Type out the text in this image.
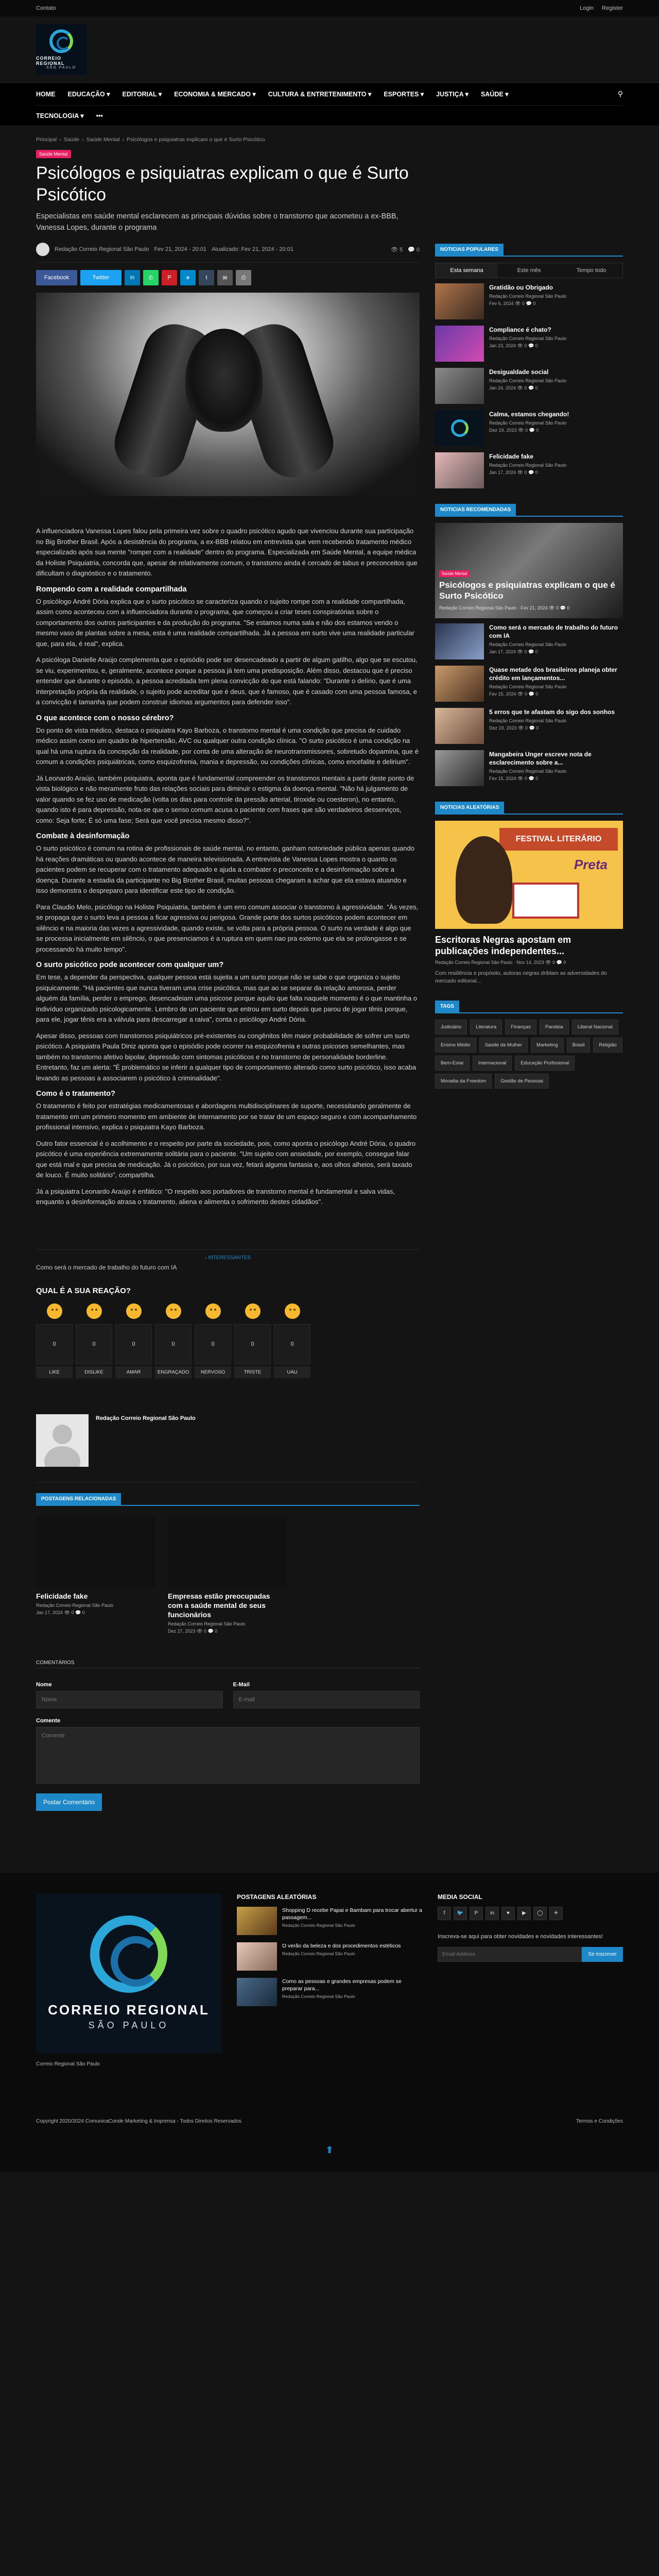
Contato	Login Register
CORREIO REGIONAL
SÃO PAULO
HOME	EDUCAÇÃO ▾	EDITORIAL ▾	ECONOMIA & MERCADO ▾	CULTURA & ENTRETENIMENTO ▾	ESPORTES ▾	JUSTIÇA ▾	SAÚDE ▾	⚲
TECNOLOGIA ▾	•••
Principal › Saúde › Saúde Mental › Psicólogos e psiquiatras explicam o que é Surto Psicótico
Saúde Mental
Psicólogos e psiquiatras explicam o que é Surto Psicótico
Especialistas em saúde mental esclarecem as principais dúvidas sobre o transtorno que acometeu a ex-BBB, Vanessa Lopes, durante o programa
Redação Correio Regional São Paulo Fev 21, 2024 - 20:01 Atualizado: Fev 21, 2024 - 20:01	👁 5 💬 0
Facebook	Twitter	in	✆	P	✈	t	✉	⎙

A influenciadora Vanessa Lopes falou pela primeira vez sobre o quadro psicótico agudo que vivenciou durante sua participação no Big Brother Brasil. Após a desistência do programa, a ex-BBB relatou em entrevista que vem recebendo tratamento médico especializado após sua mente "romper com a realidade" dentro do programa. Especializada em Saúde Mental, a equipe médica da Holiste Psiquiatria, concorda que, apesar de relativamente comum, o transtorno ainda é cercado de tabus e preconceitos que dificultam o diagnóstico e o tratamento.

Rompendo com a realidade compartilhada

O psicólogo André Dória explica que o surto psicótico se caracteriza quando o sujeito rompe com a realidade compartilhada, assim como aconteceu com a influenciadora durante o programa, que começou a criar teses conspiratórias sobre o comportamento dos outros participantes e da produção do programa. "Se estamos numa sala e não dos estamos vendo o mesmo vaso de plantas sobre a mesa, esta é uma realidade compartilhada. Já a pessoa em surto vive uma realidade particular que, para ela, é real", explica.

A psicóloga Danielle Araújo complementa que o episódio pode ser desencadeado a partir de algum gatilho, algo que se escutou, se viu, experimentou, e, geralmente, acontece porque a pessoa já tem uma predisposição. Além disso, destacou que é preciso entender que durante o episódio, a pessoa acreditada tem plena convicção do que está falando: "Durante o delírio, que é uma interpretação própria da realidade, o sujeito pode acreditar que é deus, que é famoso, que é casado com uma pessoa famosa, e a convicção é tamanha que podem construir idiomas argumentos para defender isso".

O que acontece com o nosso cérebro?

Do ponto de vista médico, destaca o psiquiatra Kayo Barboza, o transtorno mental é uma condição que precisa de cuidado médico assim como um quadro de hipertensão, AVC ou qualquer outra condição clínica. "O surto psicótico é uma condição na qual há uma ruptura da concepção da realidade, por conta de uma alteração de neurotransmissores, sobretudo dopamina, que é comum a condições psiquiátricas, como esquizofrenia, mania e depressão, ou condições clínicas, como encefalite e delirium".

Já Leonardo Araújo, também psiquiatra, aponta que é fundamental compreender os transtornos mentais a partir deste ponto de vista biológico e não meramente fruto das relações sociais para diminuir o estigma da doença mental. "Não há julgamento de valor quando se fez uso de medicação (volta os dias para controle da pressão arterial, tiroxide ou coesteron), no entanto, quando isto é para depressão, nota-se que o senso comum acusa o paciente com frases que são verdadeiros desserviços, como: Seja forte; É só uma fase; Será que você precisa mesmo disso?".

Combate à desinformação

O surto psicótico é comum na rotina de profissionais de saúde mental, no entanto, ganham notoriedade pública apenas quando há reações dramáticas ou quando acontece de maneira televisionada. A entrevista de Vanessa Lopes mostra o quanto os pacientes podem se recuperar com o tratamento adequado e ajuda a combater o preconceito e a desinformação sobre a doença. Durante a estadia da participante no Big Brother Brasil, muitas pessoas chegaram a achar que ela estava atuando e isso demonstra o despreparo para identificar este tipo de condição.

Para Claudio Melo, psicólogo na Holiste Psiquiatria, também é um erro comum associar o transtorno à agressividade. "Às vezes, se propaga que o surto leva a pessoa a ficar agressiva ou perigosa. Grande parte dos surtos psicóticos podem acontecer em silêncio e na maioria das vezes a agressividade, quando existe, se volta para a própria pessoa. O surto na verdade é algo que se processa inicialmente em silêncio, o que presenciamos é a ruptura em quem nao pra extemo que ela se prolongasse e se processando há muito tempo".

O surto psicótico pode acontecer com qualquer um?

Em tese, a depender da perspectiva, qualquer pessoa está sujeita a um surto porque não se sabe o que organiza o sujeito psiquicamente. "Há pacientes que nunca tiveram uma crise psicótica, mas que ao se separar da relação amorosa, perder alguém da família, perder o emprego, desencadeiam uma psicose porque aquilo que falta naquele momento é o que mantinha o indivíduo organizado psicologicamente. Lembro de um paciente que entrou em surto depois que parou de jogar tênis porque, para ele, jogar tênis era a válvula para descarregar a raiva", conta o psicólogo André Dória.

Apesar disso, pessoas com transtornos psiquiátricos pré-existentes ou congênitos têm maior probabilidade de sofrer um surto psicótico. A psiquiatra Paula Diniz aponta que o episódio pode ocorrer na esquizofrenia e outras psicoses semelhantes, mas também no transtorno afetivo bipolar, depressão com sintomas psicóticos e no transtorno de personalidade borderline. Entretanto, faz um alerta: "É problemático se inferir a qualquer tipo de comportamento alterado como surto psicótico, isso acaba levando as pessoas a associarem o psicótico à criminalidade".

Como é o tratamento?

O tratamento é feito por estratégias medicamentosas e abordagens multidisciplinares de suporte, necessitando geralmente de tratamento em um primeiro momento em ambiente de internamento por se tratar de um espaço seguro e com acompanhamento profissional intensivo, explica o psiquiatra Kayo Barboza.

Outro fator essencial é o acolhimento e o respeito por parte da sociedade, pois, como aponta o psicólogo André Dória, o quadro psicótico é uma experiência extremamente solitária para o paciente. "Um sujeito com ansiedade, por exemplo, consegue falar que está mal e que precisa de medicação. Já o psicótico, por sua vez, fetará alguma fantasia e, aos olhos alheios, será taxado de louco. É muito solitário", compartilha.

Já a psiquiatra Leonardo Araújo é enfático: "O respeito aos portadores de transtorno mental é fundamental e salva vidas, enquanto a desinformação atrasa o tratamento, aliena e alimenta o sofrimento destes cidadãos".

› INTERESSANTES
Como será o mercado de trabalho do futuro com IA
QUAL É A SUA REAÇÃO?
0
LIKE
0
DISLIKE
0
AMAR
0
ENGRAÇADO
0
NERVOSO
0
TRISTE
0
UAU
Redação Correio Regional São Paulo
POSTAGENS RELACIONADAS
Felicidade fake
Redação Correio Regional São Paulo
Jan 17, 2024 👁 0 💬 0
Empresas estão preocupadas com a saúde mental de seus funcionários
Redação Correio Regional São Paulo
Dez 27, 2023 👁 0 💬 0
COMENTÁRIOS
Nome
Nome	E-Mail
E-mail
Comente
Comente
Postar Comentário
NOTICIAS POPULARES
Esta semana	Este mês	Tempo todo
Gratidão ou Obrigado
Redação Correio Regional São Paulo
Fev 6, 2024 👁 0 💬 0
Compliance é chato?
Redação Correio Regional São Paulo
Jan 23, 2024 👁 0 💬 0
Desigualdade social
Redação Correio Regional São Paulo
Jan 24, 2024 👁 0 💬 0
Calma, estamos chegando!
Redação Correio Regional São Paulo
Dez 19, 2023 👁 0 💬 0
Felicidade fake
Redação Correio Regional São Paulo
Jan 17, 2024 👁 0 💬 0
NOTICIAS RECOMENDADAS
Saúde Mental
Psicólogos e psiquiatras explicam o que é Surto Psicótico
Redação Correio Regional São Paulo · Fev 21, 2024 👁 0 💬 0
Como será o mercado de trabalho do futuro com IA
Redação Correio Regional São Paulo
Jan 17, 2024 👁 0 💬 0
Quase metade dos brasileiros planeja obter crédito em lançamentos...
Redação Correio Regional São Paulo
Fev 15, 2024 👁 0 💬 0
5 erros que te afastam do sigo dos sonhos
Redação Correio Regional São Paulo
Dez 19, 2023 👁 0 💬 0
Mangabeira Unger escreve nota de esclarecimento sobre a...
Redação Correio Regional São Paulo
Fev 15, 2024 👁 0 💬 0
NOTICIAS ALEATÓRIAS
FESTIVAL LITERÁRIO
Preta
Escritoras Negras apostam em publicações independentes...
Redação Correio Regional São Paulo · Nov 14, 2023 👁 0 💬 0
Com resiliência e propósito, autoras negras driblam as adversidades do mercado editorial...
TAGS
Judiciário	Literatura	Finanças	Pandeia	Liberal Nacional
Ensino Médio	Saúde da Mulher	Marketing	Brasil	Religião
Bem-Estar	Internacional	Educação Profissional
Moradia da Freedom	Gestão de Pessoas
CORREIO REGIONAL
SÃO PAULO
Correio Regional São Paulo
POSTAGENS ALEATÓRIAS
Shopping D recebe Papai e Bambam para trocar abertur a passagem...
Redação Correio Regional São Paulo
O verão da beleza e dos procedimentos estéticos
Redação Correio Regional São Paulo
Como as pessoas e grandes empresas podem se preparar para...
Redação Correio Regional São Paulo
MEDIA SOCIAL
f	🐦	P	in	♥	▶	◯	✈
Inscreva-se aqui para obter novidades e novidades interessantes!
Email Address
Se inscrever
Copyright 2020/2024 ComunicaConde Marketing & Imprensa - Todos Direitos Reservados	Termos e Condições
⬆
